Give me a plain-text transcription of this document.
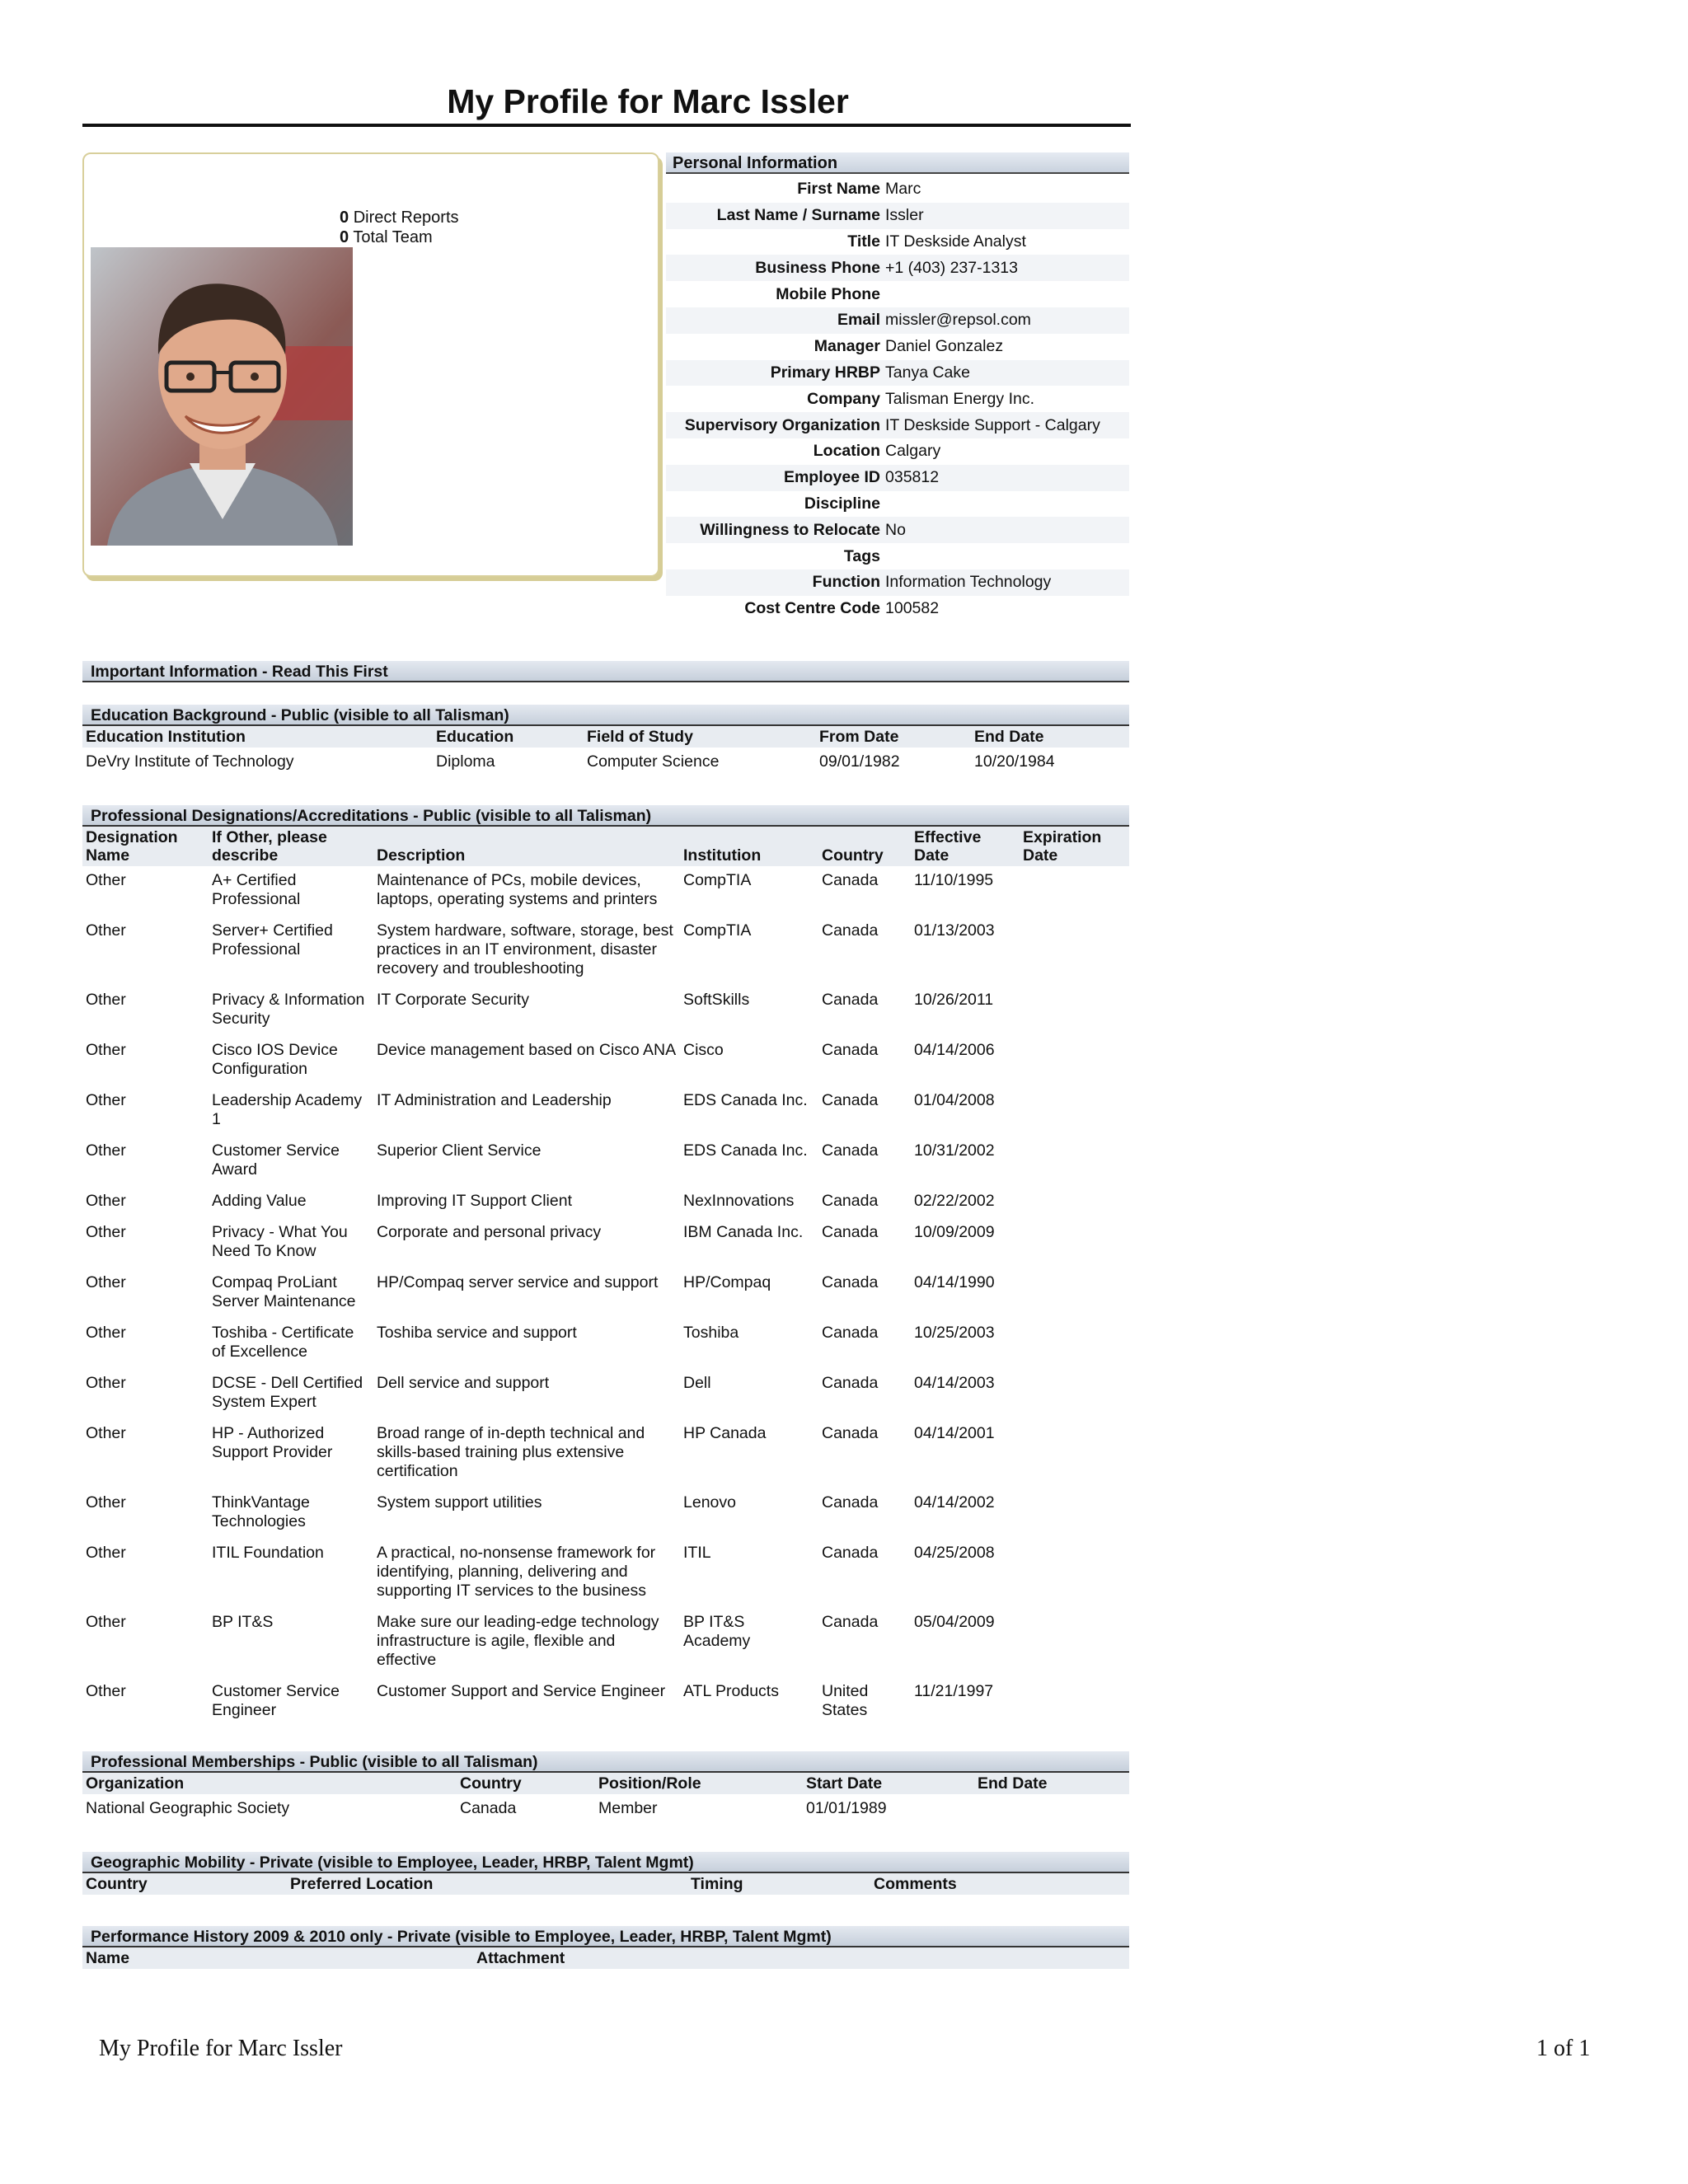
My Profile for Marc Issler
0 Direct Reports
0 Total Team
Personal Information
First Name	Marc
Last Name / Surname	Issler
Title	IT Deskside Analyst
Business Phone	+1 (403) 237-1313
Mobile Phone	
Email	missler@repsol.com
Manager	Daniel Gonzalez
Primary HRBP	Tanya Cake
Company	Talisman Energy Inc.
Supervisory Organization	IT Deskside Support - Calgary
Location	Calgary
Employee ID	035812
Discipline	
Willingness to Relocate	No
Tags	
Function	Information Technology
Cost Centre Code	100582
Important Information - Read This First
Education Background - Public (visible to all Talisman)
Education Institution	Education	Field of Study	From Date	End Date
DeVry Institute of Technology	Diploma	Computer Science	09/01/1982	10/20/1984
Professional Designations/Accreditations - Public (visible to all Talisman)
Designation Name	If Other, please describe	Description	Institution	Country	Effective Date	Expiration Date
Other	A+ Certified Professional	Maintenance of PCs, mobile devices, laptops, operating systems and printers	CompTIA	Canada	11/10/1995	
Other	Server+ Certified Professional	System hardware, software, storage, best practices in an IT environment, disaster recovery and troubleshooting	CompTIA	Canada	01/13/2003	
Other	Privacy & Information Security	IT Corporate Security	SoftSkills	Canada	10/26/2011	
Other	Cisco IOS Device Configuration	Device management based on Cisco ANA	Cisco	Canada	04/14/2006	
Other	Leadership Academy 1	IT Administration and Leadership	EDS Canada Inc.	Canada	01/04/2008	
Other	Customer Service Award	Superior Client Service	EDS Canada Inc.	Canada	10/31/2002	
Other	Adding Value	Improving IT Support Client	NexInnovations	Canada	02/22/2002	
Other	Privacy - What You Need To Know	Corporate and personal privacy	IBM Canada Inc.	Canada	10/09/2009	
Other	Compaq ProLiant Server Maintenance	HP/Compaq server service and support	HP/Compaq	Canada	04/14/1990	
Other	Toshiba - Certificate of Excellence	Toshiba service and support	Toshiba	Canada	10/25/2003	
Other	DCSE - Dell Certified System Expert	Dell service and support	Dell	Canada	04/14/2003	
Other	HP - Authorized Support Provider	Broad range of in-depth technical and skills-based training plus extensive certification	HP Canada	Canada	04/14/2001	
Other	ThinkVantage Technologies	System support utilities	Lenovo	Canada	04/14/2002	
Other	ITIL Foundation	A practical, no-nonsense framework for identifying, planning, delivering and supporting IT services to the business	ITIL	Canada	04/25/2008	
Other	BP IT&S	Make sure our leading-edge technology infrastructure is agile, flexible and effective	BP IT&S Academy	Canada	05/04/2009	
Other	Customer Service Engineer	Customer Support and Service Engineer	ATL Products	United States	11/21/1997	
Professional Memberships - Public (visible to all Talisman)
Organization	Country	Position/Role	Start Date	End Date
National Geographic Society	Canada	Member	01/01/1989	
Geographic Mobility - Private (visible to Employee, Leader, HRBP, Talent Mgmt)
Country	Preferred Location	Timing	Comments
Performance History 2009 & 2010 only - Private (visible to Employee, Leader, HRBP, Talent Mgmt)
Name	Attachment
My Profile for Marc Issler	1 of 1
